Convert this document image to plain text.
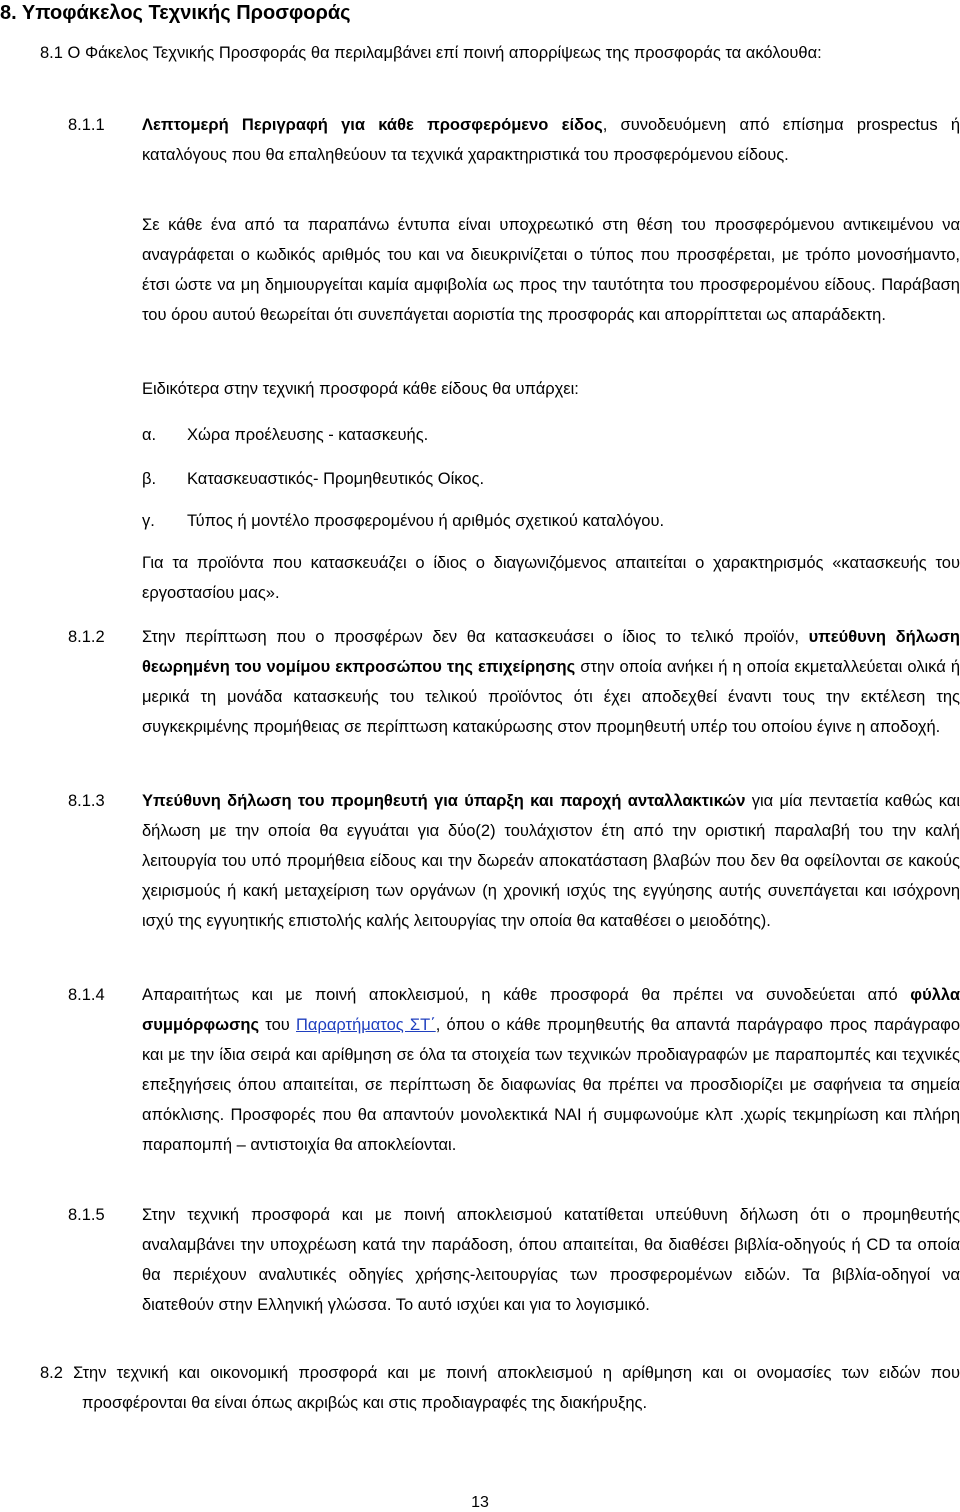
8. Υποφάκελος Τεχνικής Προσφοράς

8.1 Ο Φάκελος Τεχνικής Προσφοράς θα περιλαμβάνει επί ποινή απορρίψεως της προσφοράς τα ακόλουθα:

8.1.1 Λεπτομερή Περιγραφή για κάθε προσφερόμενο είδος, συνοδευόμενη από επίσημα prospectus ή καταλόγους που θα επαληθεύουν τα τεχνικά χαρακτηριστικά του προσφερόμενου είδους.

Σε κάθε ένα από τα παραπάνω έντυπα είναι υποχρεωτικό στη θέση του προσφερόμενου αντικειμένου να αναγράφεται ο κωδικός αριθμός του και να διευκρινίζεται ο τύπος που προσφέρεται, με τρόπο μονοσήμαντο, έτσι ώστε να μη δημιουργείται καμία αμφιβολία ως προς την ταυτότητα του προσφερομένου είδους. Παράβαση του όρου αυτού θεωρείται ότι συνεπάγεται αοριστία της προσφοράς και απορρίπτεται ως απαράδεκτη.

Ειδικότερα στην τεχνική προσφορά κάθε είδους θα υπάρχει:

α. Χώρα προέλευσης - κατασκευής.
β. Κατασκευαστικός- Προμηθευτικός Οίκος.
γ. Τύπος ή μοντέλο προσφερομένου ή αριθμός σχετικού καταλόγου.

Για τα προϊόντα που κατασκευάζει ο ίδιος ο διαγωνιζόμενος απαιτείται ο χαρακτηρισμός «κατασκευής του εργοστασίου μας».

8.1.2 Στην περίπτωση που ο προσφέρων δεν θα κατασκευάσει ο ίδιος το τελικό προϊόν, υπεύθυνη δήλωση θεωρημένη του νομίμου εκπροσώπου της επιχείρησης στην οποία ανήκει ή η οποία εκμεταλλεύεται ολικά ή μερικά τη μονάδα κατασκευής του τελικού προϊόντος ότι έχει αποδεχθεί έναντι τους την εκτέλεση της συγκεκριμένης προμήθειας σε περίπτωση κατακύρωσης στον προμηθευτή υπέρ του οποίου έγινε η αποδοχή.

8.1.3 Υπεύθυνη δήλωση του προμηθευτή για ύπαρξη και παροχή ανταλλακτικών για μία πενταετία καθώς και δήλωση με την οποία θα εγγυάται για δύο(2) τουλάχιστον έτη από την οριστική παραλαβή του την καλή λειτουργία του υπό προμήθεια είδους και την δωρεάν αποκατάσταση βλαβών που δεν θα οφείλονται σε κακούς χειρισμούς ή κακή μεταχείριση των οργάνων (η χρονική ισχύς της εγγύησης αυτής συνεπάγεται και ισόχρονη ισχύ της εγγυητικής επιστολής καλής λειτουργίας την οποία θα καταθέσει ο μειοδότης).

8.1.4 Απαραιτήτως και με ποινή αποκλεισμού, η κάθε προσφορά θα πρέπει να συνοδεύεται από φύλλα συμμόρφωσης του Παραρτήματος ΣΤ΄, όπου ο κάθε προμηθευτής θα απαντά παράγραφο προς παράγραφο και με την ίδια σειρά και αρίθμηση σε όλα τα στοιχεία των τεχνικών προδιαγραφών με παραπομπές και τεχνικές επεξηγήσεις όπου απαιτείται, σε περίπτωση δε διαφωνίας θα πρέπει να προσδιορίζει με σαφήνεια τα σημεία απόκλισης. Προσφορές που θα απαντούν μονολεκτικά ΝΑΙ ή συμφωνούμε κλπ .χωρίς τεκμηρίωση και πλήρη παραπομπή – αντιστοιχία θα αποκλείονται.

8.1.5 Στην τεχνική προσφορά και με ποινή αποκλεισμού κατατίθεται υπεύθυνη δήλωση ότι ο προμηθευτής αναλαμβάνει την υποχρέωση κατά την παράδοση, όπου απαιτείται, θα διαθέσει βιβλία-οδηγούς ή CD τα οποία θα περιέχουν αναλυτικές οδηγίες χρήσης-λειτουργίας των προσφερομένων ειδών. Τα βιβλία-οδηγοί να διατεθούν στην Ελληνική γλώσσα. Το αυτό ισχύει και για το λογισμικό.

8.2 Στην τεχνική και οικονομική προσφορά και με ποινή αποκλεισμού η αρίθμηση και οι ονομασίες των ειδών που προσφέρονται θα είναι όπως ακριβώς και στις προδιαγραφές της διακήρυξης.

13
